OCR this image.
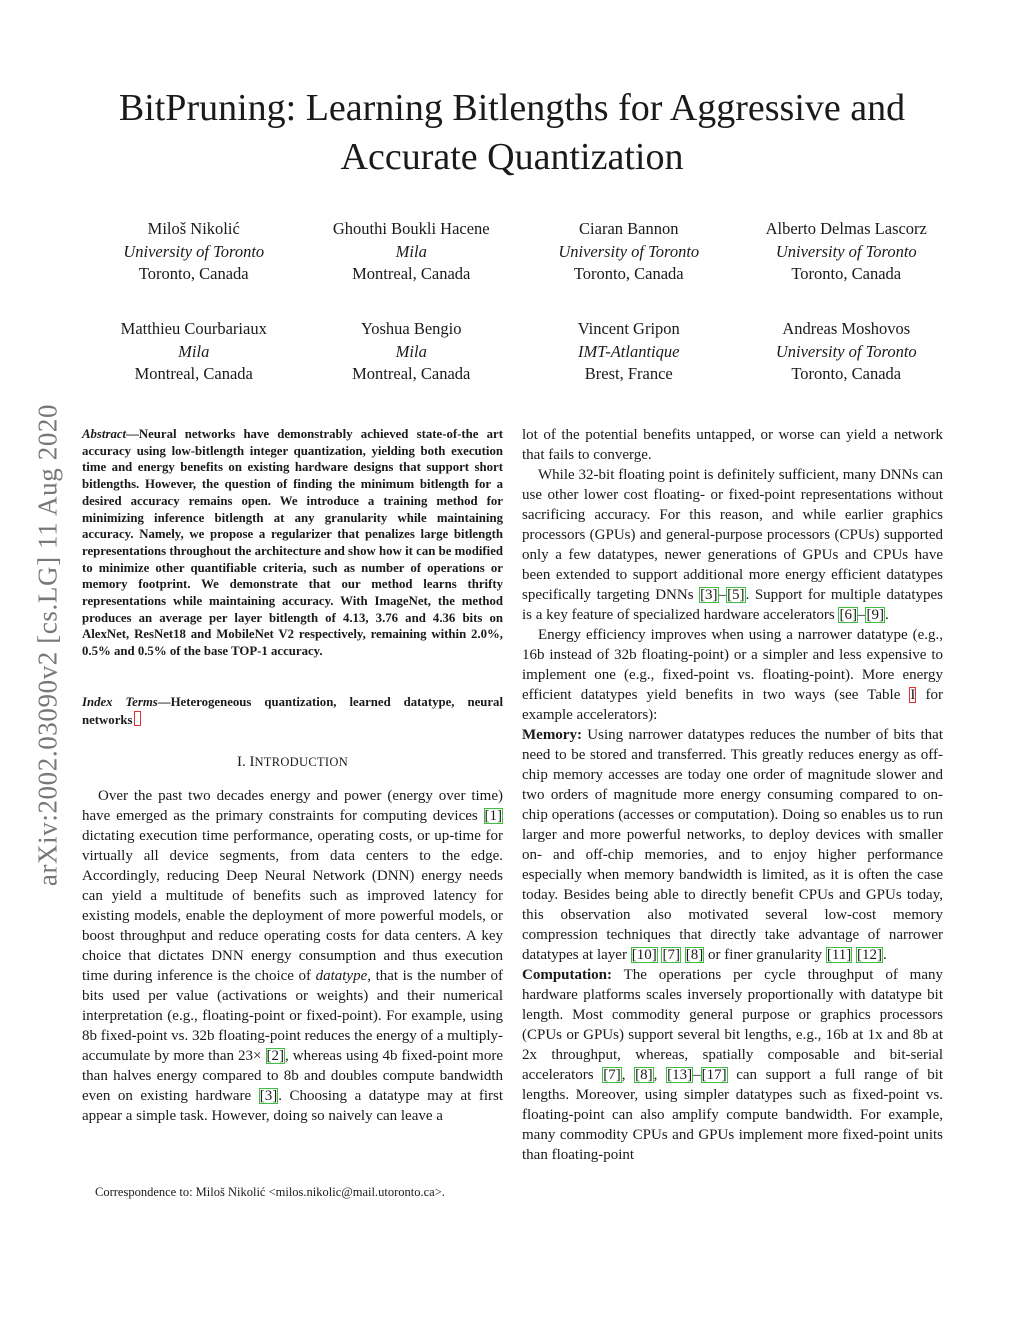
arXiv:2002.03090v2 [cs.LG] 11 Aug 2020
BitPruning: Learning Bitlengths for Aggressive and
Accurate Quantization
Miloš Nikolić
University of Toronto
Toronto, Canada
Ghouthi Boukli Hacene
Mila
Montreal, Canada
Ciaran Bannon
University of Toronto
Toronto, Canada
Alberto Delmas Lascorz
University of Toronto
Toronto, Canada
Matthieu Courbariaux
Mila
Montreal, Canada
Yoshua Bengio
Mila
Montreal, Canada
Vincent Gripon
IMT-Atlantique
Brest, France
Andreas Moshovos
University of Toronto
Toronto, Canada
Abstract—Neural networks have demonstrably achieved state-of-the art accuracy using low-bitlength integer quantization, yielding both execution time and energy benefits on existing hardware designs that support short bitlengths. However, the question of finding the minimum bitlength for a desired accuracy remains open. We introduce a training method for minimizing inference bitlength at any granularity while maintaining accuracy. Namely, we propose a regularizer that penalizes large bitlength representations throughout the architecture and show how it can be modified to minimize other quantifiable criteria, such as number of operations or memory footprint. We demonstrate that our method learns thrifty representations while maintaining accuracy. With ImageNet, the method produces an average per layer bitlength of 4.13, 3.76 and 4.36 bits on AlexNet, ResNet18 and MobileNet V2 respectively, remaining within 2.0%, 0.5% and 0.5% of the base TOP-1 accuracy.
Index Terms—Heterogeneous quantization, learned datatype, neural networks
I. INTRODUCTION
Over the past two decades energy and power (energy over time) have emerged as the primary constraints for computing devices [1] dictating execution time performance, operating costs, or up-time for virtually all device segments, from data centers to the edge. Accordingly, reducing Deep Neural Network (DNN) energy needs can yield a multitude of benefits such as improved latency for existing models, enable the deployment of more powerful models, or boost throughput and reduce operating costs for data centers. A key choice that dictates DNN energy consumption and thus execution time during inference is the choice of datatype, that is the number of bits used per value (activations or weights) and their numerical interpretation (e.g., floating-point or fixed-point). For example, using 8b fixed-point vs. 32b floating-point reduces the energy of a multiply-accumulate by more than 23× [2], whereas using 4b fixed-point more than halves energy compared to 8b and doubles compute bandwidth even on existing hardware [3]. Choosing a datatype may at first appear a simple task. However, doing so naively can leave a
Correspondence to: Miloš Nikolić <milos.nikolic@mail.utoronto.ca>.

lot of the potential benefits untapped, or worse can yield a network that fails to converge.

While 32-bit floating point is definitely sufficient, many DNNs can use other lower cost floating- or fixed-point representations without sacrificing accuracy. For this reason, and while earlier graphics processors (GPUs) and general-purpose processors (CPUs) supported only a few datatypes, newer generations of GPUs and CPUs have been extended to support additional more energy efficient datatypes specifically targeting DNNs [3]–[5]. Support for multiple datatypes is a key feature of specialized hardware accelerators [6]–[9].

Energy efficiency improves when using a narrower datatype (e.g., 16b instead of 32b floating-point) or a simpler and less expensive to implement one (e.g., fixed-point vs. floating-point). More energy efficient datatypes yield benefits in two ways (see Table I for example accelerators):

Memory: Using narrower datatypes reduces the number of bits that need to be stored and transferred. This greatly reduces energy as off-chip memory accesses are today one order of magnitude slower and two orders of magnitude more energy consuming compared to on-chip operations (accesses or computation). Doing so enables us to run larger and more powerful networks, to deploy devices with smaller on- and off-chip memories, and to enjoy higher performance especially when memory bandwidth is limited, as it is often the case today. Besides being able to directly benefit CPUs and GPUs today, this observation also motivated several low-cost memory compression techniques that directly take advantage of narrower datatypes at layer [10] [7] [8] or finer granularity [11] [12].

Computation: The operations per cycle throughput of many hardware platforms scales inversely proportionally with datatype bit length. Most commodity general purpose or graphics processors (CPUs or GPUs) support several bit lengths, e.g., 16b at 1x and 8b at 2x throughput, whereas, spatially composable and bit-serial accelerators [7], [8], [13]–[17] can support a full range of bit lengths. Moreover, using simpler datatypes such as fixed-point vs. floating-point can also amplify compute bandwidth. For example, many commodity CPUs and GPUs implement more fixed-point units than floating-point
